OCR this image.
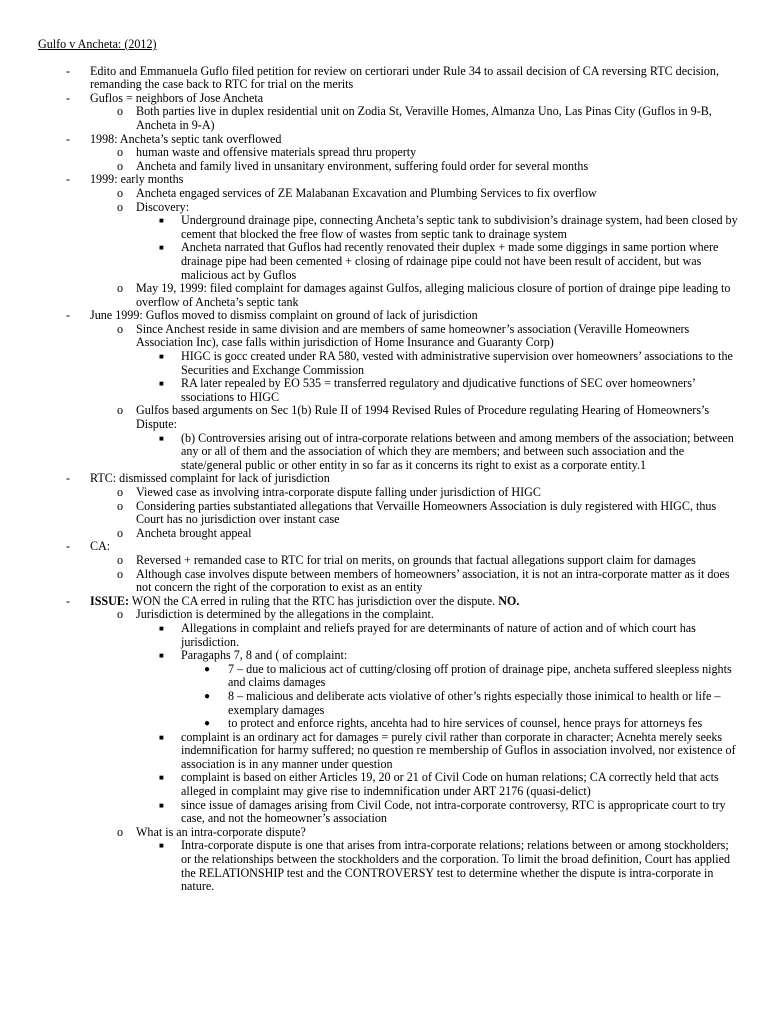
Gulfo v Ancheta: (2012)
- Edito and Emmanuela Guflo filed petition for review on certiorari under Rule 34 to assail decision of CA reversing RTC decision, remanding the case back to RTC for trial on the merits
- Guflos = neighbors of Jose Ancheta
o Both parties live in duplex residential unit on Zodia St, Veraville Homes, Almanza Uno, Las Pinas City (Guflos in 9-B, Ancheta in 9-A)
- 1998: Ancheta’s septic tank overflowed
o human waste and offensive materials spread thru property
o Ancheta and family lived in unsanitary environment, suffering fould order for several months
- 1999: early months
o Ancheta engaged services of ZE Malabanan Excavation and Plumbing Services to fix overflow
o Discovery:
■ Underground drainage pipe, connecting Ancheta’s septic tank to subdivision’s drainage system, had been closed by cement that blocked the free flow of wastes from septic tank to drainage system
■ Ancheta narrated that Guflos had recently renovated their duplex + made some diggings in same portion where drainage pipe had been cemented + closing of rdainage pipe could not have been result of accident, but was malicious act by Guflos
o May 19, 1999: filed complaint for damages against Gulfos, alleging malicious closure of portion of drainge pipe leading to overflow of Ancheta’s septic tank
- June 1999: Guflos moved to dismiss complaint on ground of lack of jurisdiction
o Since Anchest reside in same division and are members of same homeowner’s association (Veraville Homeowners Association Inc), case falls within jurisdiction of Home Insurance and Guaranty Corp)
■ HIGC is gocc created under RA 580, vested with administrative supervision over homeowners’ associations to the Securities and Exchange Commission
■ RA later repealed by EO 535 = transferred regulatory and djudicative functions of SEC over homeowners’ ssociations to HIGC
o Gulfos based arguments on Sec 1(b) Rule II of 1994 Revised Rules of Procedure regulating Hearing of Homeowners’s Dispute:
■ (b) Controversies arising out of intra-corporate relations between and among members of the association; between any or all of them and the association of which they are members; and between such association and the state/general public or other entity in so far as it concerns its right to exist as a corporate entity.1
- RTC: dismissed complaint for lack of jurisdiction
o Viewed case as involving intra-corporate dispute falling under jurisdiction of HIGC
o Considering parties substantiated allegations that Vervaille Homeowners Association is duly registered with HIGC, thus Court has no jurisdiction over instant case
o Ancheta brought appeal
- CA:
o Reversed + remanded case to RTC for trial on merits, on grounds that factual allegations support claim for damages
o Although case involves dispute between members of homeowners’ association, it is not an intra-corporate matter as it does not concern the right of the corporation to exist as an entity
- ISSUE: WON the CA erred in ruling that the RTC has jurisdiction over the dispute. NO.
o Jurisdiction is determined by the allegations in the complaint.
■ Allegations in complaint and reliefs prayed for are determinants of nature of action and of which court has jurisdiction.
■ Paragaphs 7, 8 and ( of complaint:
● 7 – due to malicious act of cutting/closing off protion of drainage pipe, ancheta suffered sleepless nights and claims damages
● 8 – malicious and deliberate acts violative of other’s rights especially those inimical to health or life – exemplary damages
● to protect and enforce rights, ancehta had to hire services of counsel, hence prays for attorneys fes
■ complaint is an ordinary act for damages = purely civil rather than corporate in character; Acnehta merely seeks indemnification for harmy suffered; no question re membership of Guflos in association involved, nor existence of association is in any manner under question
■ complaint is based on either Articles 19, 20 or 21 of Civil Code on human relations; CA correctly held that acts alleged in complaint may give rise to indemnification under ART 2176 (quasi-delict)
■ since issue of damages arising from Civil Code, not intra-corporate controversy, RTC is appropricate court to try case, and not the homeowner’s association
o What is an intra-corporate dispute?
■ Intra-corporate dispute is one that arises from intra-corporate relations; relations between or among stockholders; or the relationships between the stockholders and the corporation. To limit the broad definition, Court has applied the RELATIONSHIP test and the CONTROVERSY test to determine whether the dispute is intra-corporate in nature.
